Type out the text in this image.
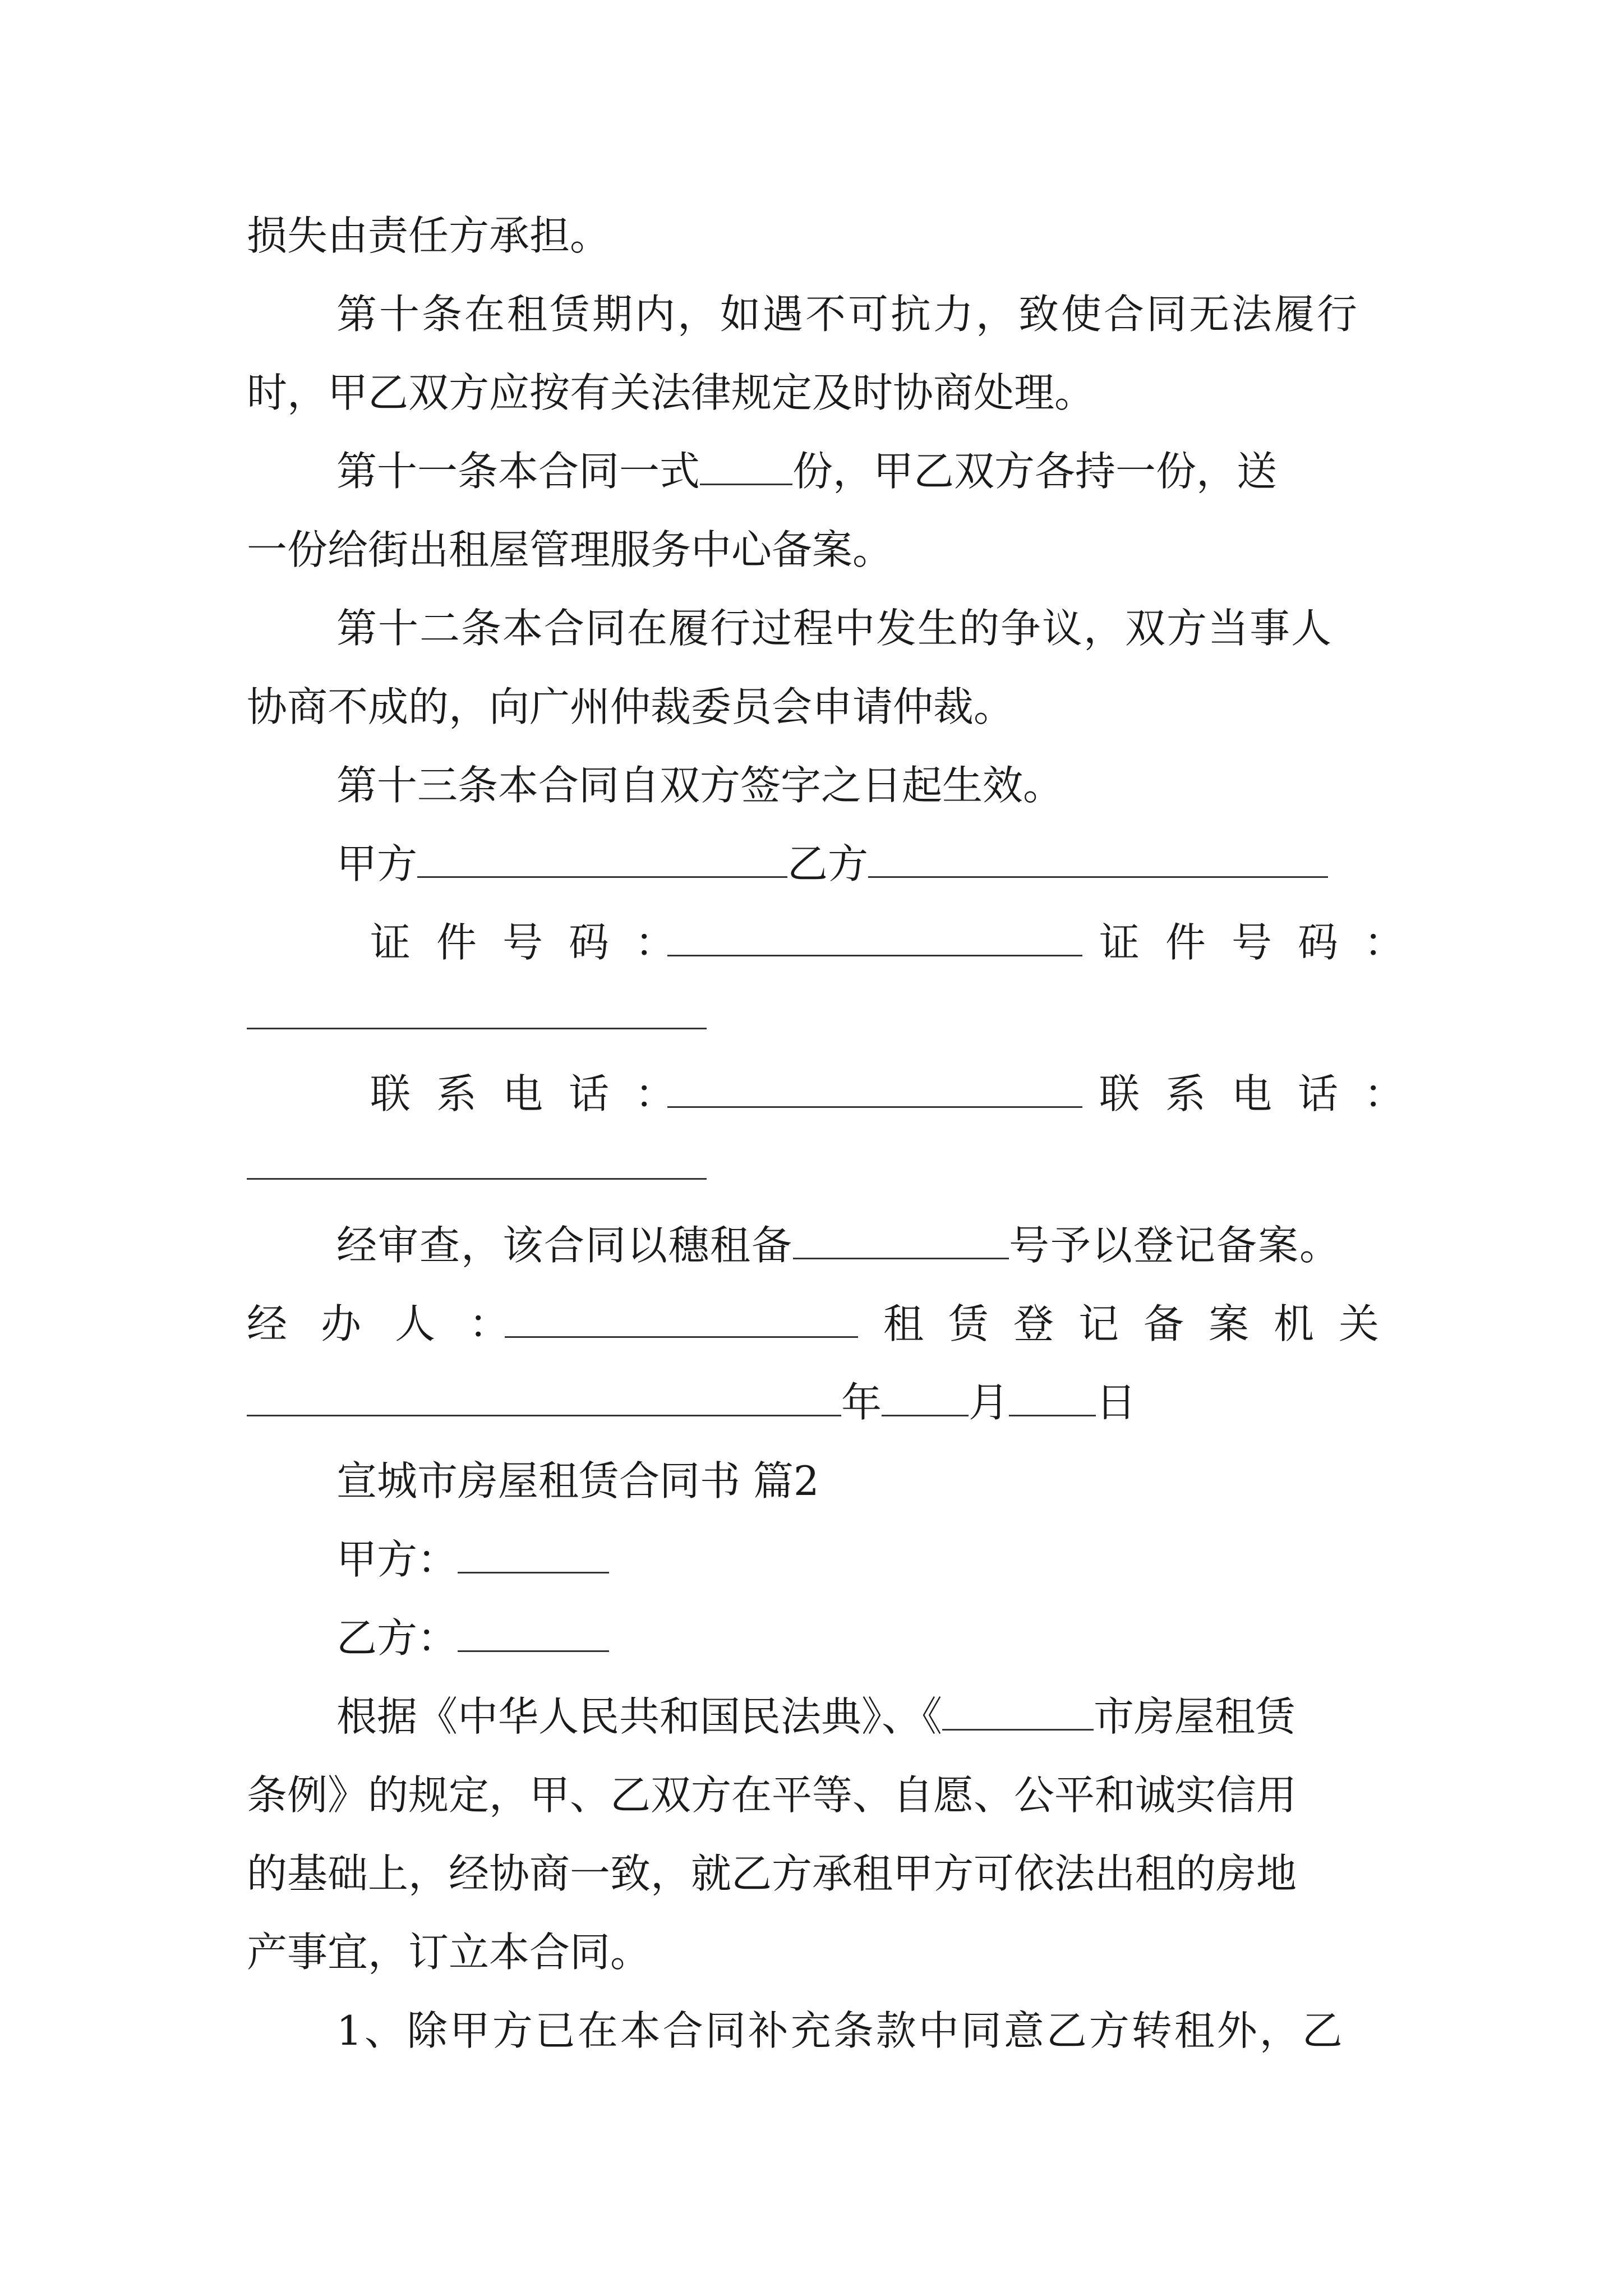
损失由责任方承担。
第十条在租赁期内，如遇不可抗力，致使合同无法履行
时，甲乙双方应按有关法律规定及时协商处理。
第十一条本合同一式 份，甲乙双方各持一份，送
一份给街出租屋管理服务中心备案。
第十二条本合同在履行过程中发生的争议，双方当事人
协商不成的，向广州仲裁委员会申请仲裁。
第十三条本合同自双方签字之日起生效。
甲方	乙方
证件号码：	证件号码：
联系电话：	联系电话：
经审查，该合同以穗租备	号予以登记备案。
经办人：	租赁登记备案机关
年 月 日
宣城市房屋租赁合同书 篇2
甲方：
乙方：
根据《中华人民共和国民法典》、《	市房屋租赁
条例》的规定，甲、乙双方在平等、自愿、公平和诚实信用
的基础上，经协商一致，就乙方承租甲方可依法出租的房地
产事宜，订立本合同。
1、除甲方已在本合同补充条款中同意乙方转租外，乙
